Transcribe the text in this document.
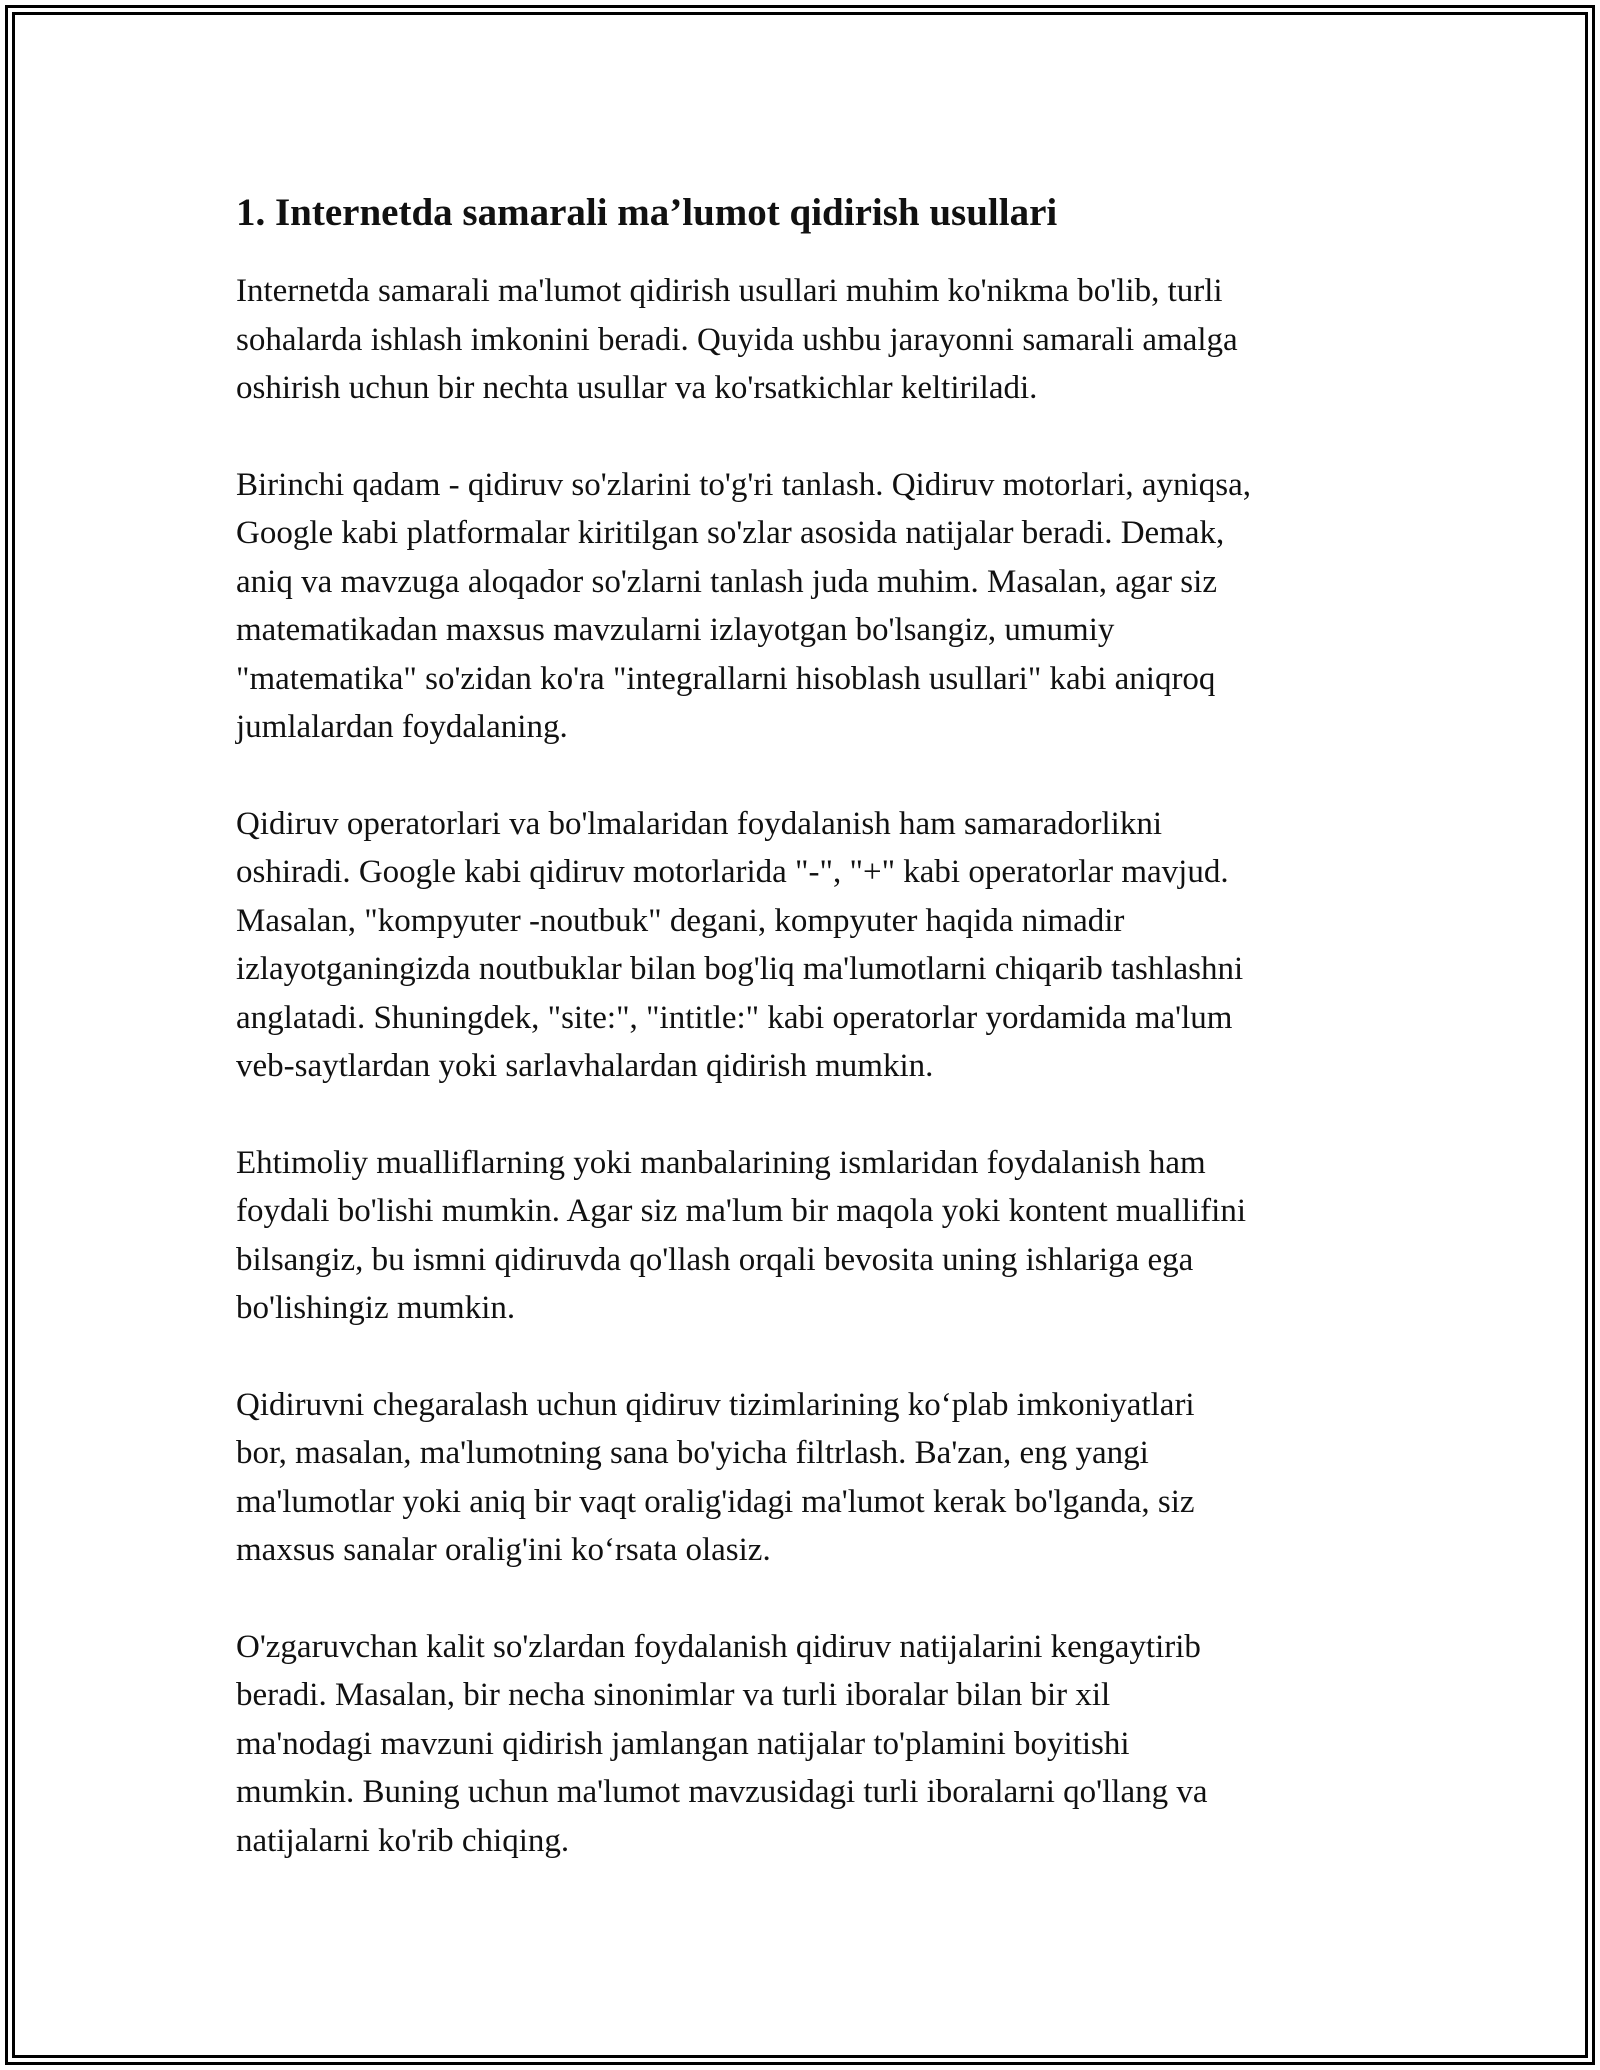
1. Internetda samarali ma’lumot qidirish usullari

Internetda samarali ma'lumot qidirish usullari muhim ko'nikma bo'lib, turli
sohalarda ishlash imkonini beradi. Quyida ushbu jarayonni samarali amalga
oshirish uchun bir nechta usullar va ko'rsatkichlar keltiriladi.

Birinchi qadam - qidiruv so'zlarini to'g'ri tanlash. Qidiruv motorlari, ayniqsa,
Google kabi platformalar kiritilgan so'zlar asosida natijalar beradi. Demak,
aniq va mavzuga aloqador so'zlarni tanlash juda muhim. Masalan, agar siz
matematikadan maxsus mavzularni izlayotgan bo'lsangiz, umumiy
"matematika" so'zidan ko'ra "integrallarni hisoblash usullari" kabi aniqroq
jumlalardan foydalaning.

Qidiruv operatorlari va bo'lmalaridan foydalanish ham samaradorlikni
oshiradi. Google kabi qidiruv motorlarida "-", "+" kabi operatorlar mavjud.
Masalan, "kompyuter -noutbuk" degani, kompyuter haqida nimadir
izlayotganingizda noutbuklar bilan bog'liq ma'lumotlarni chiqarib tashlashni
anglatadi. Shuningdek, "site:", "intitle:" kabi operatorlar yordamida ma'lum
veb-saytlardan yoki sarlavhalardan qidirish mumkin.

Ehtimoliy mualliflarning yoki manbalarining ismlaridan foydalanish ham
foydali bo'lishi mumkin. Agar siz ma'lum bir maqola yoki kontent muallifini
bilsangiz, bu ismni qidiruvda qo'llash orqali bevosita uning ishlariga ega
bo'lishingiz mumkin.

Qidiruvni chegaralash uchun qidiruv tizimlarining ko‘plab imkoniyatlari
bor, masalan, ma'lumotning sana bo'yicha filtrlash. Ba'zan, eng yangi
ma'lumotlar yoki aniq bir vaqt oralig'idagi ma'lumot kerak bo'lganda, siz
maxsus sanalar oralig'ini ko‘rsata olasiz.

O'zgaruvchan kalit so'zlardan foydalanish qidiruv natijalarini kengaytirib
beradi. Masalan, bir necha sinonimlar va turli iboralar bilan bir xil
ma'nodagi mavzuni qidirish jamlangan natijalar to'plamini boyitishi
mumkin. Buning uchun ma'lumot mavzusidagi turli iboralarni qo'llang va
natijalarni ko'rib chiqing.
